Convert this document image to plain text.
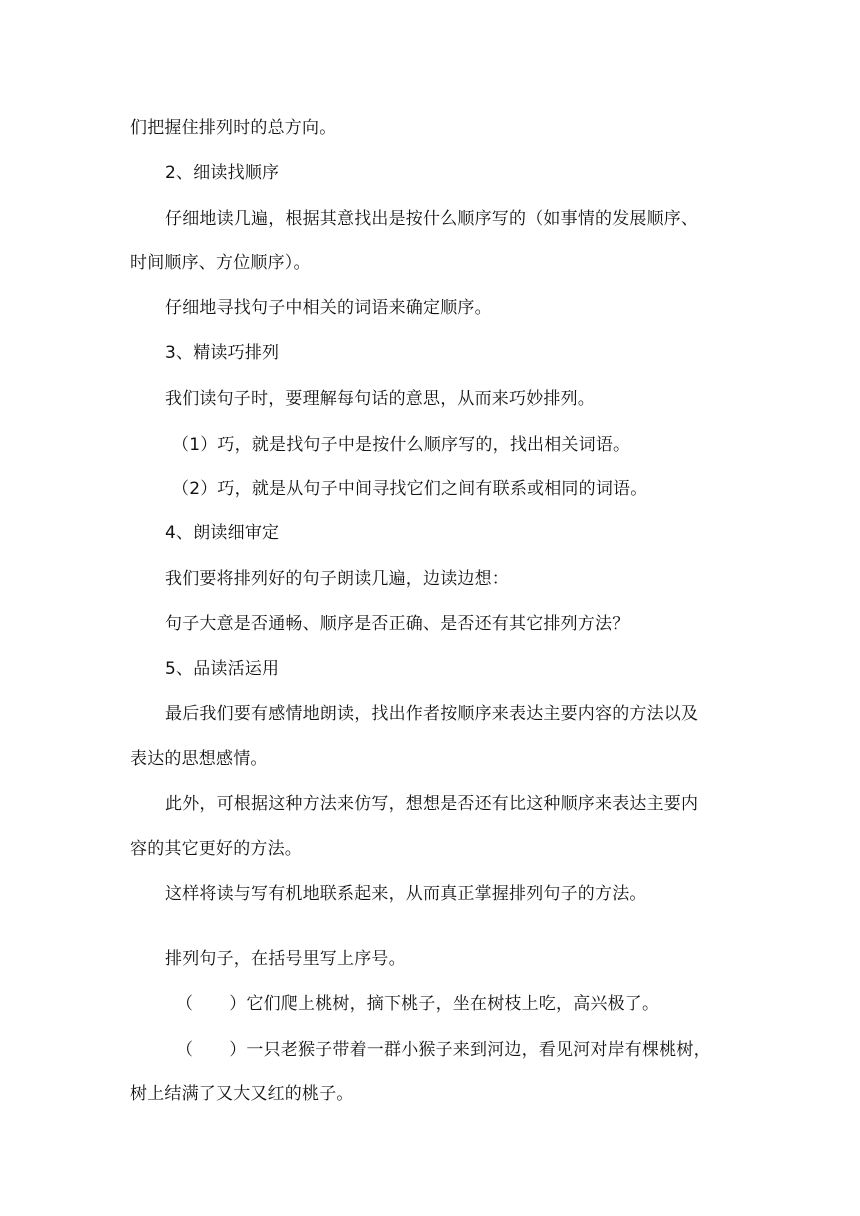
们把握住排列时的总方向。
2、细读找顺序
仔细地读几遍，根据其意找出是按什么顺序写的（如事情的发展顺序、
时间顺序、方位顺序）。
仔细地寻找句子中相关的词语来确定顺序。
3、精读巧排列
我们读句子时，要理解每句话的意思，从而来巧妙排列。
（1）巧，就是找句子中是按什么顺序写的，找出相关词语。
（2）巧，就是从句子中间寻找它们之间有联系或相同的词语。
4、朗读细审定
我们要将排列好的句子朗读几遍，边读边想：
句子大意是否通畅、顺序是否正确、是否还有其它排列方法？
5、品读活运用
最后我们要有感情地朗读，找出作者按顺序来表达主要内容的方法以及
表达的思想感情。
此外，可根据这种方法来仿写，想想是否还有比这种顺序来表达主要内
容的其它更好的方法。
这样将读与写有机地联系起来，从而真正掌握排列句子的方法。
排列句子，在括号里写上序号。
（ ）它们爬上桃树，摘下桃子，坐在树枝上吃，高兴极了。
（ ）一只老猴子带着一群小猴子来到河边，看见河对岸有棵桃树，
树上结满了又大又红的桃子。
